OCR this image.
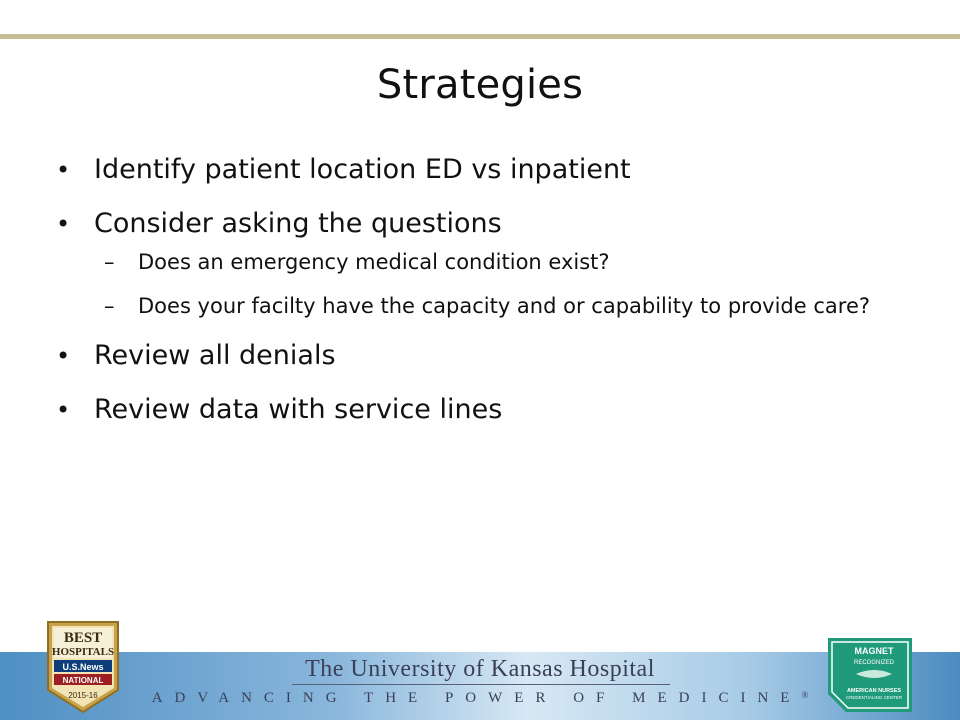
Strategies
• Identify patient location ED vs inpatient
• Consider asking the questions
– Does an emergency medical condition exist?
– Does your facilty have the capacity and or capability to provide care?
• Review all denials
• Review data with service lines
The University of Kansas Hospital
ADVANCING THE POWER OF MEDICINE®
BEST
HOSPITALS
U.S.News
NATIONAL
2015-16
MAGNET
RECOGNIZED
AMERICAN NURSES
CREDENTIALING CENTER
